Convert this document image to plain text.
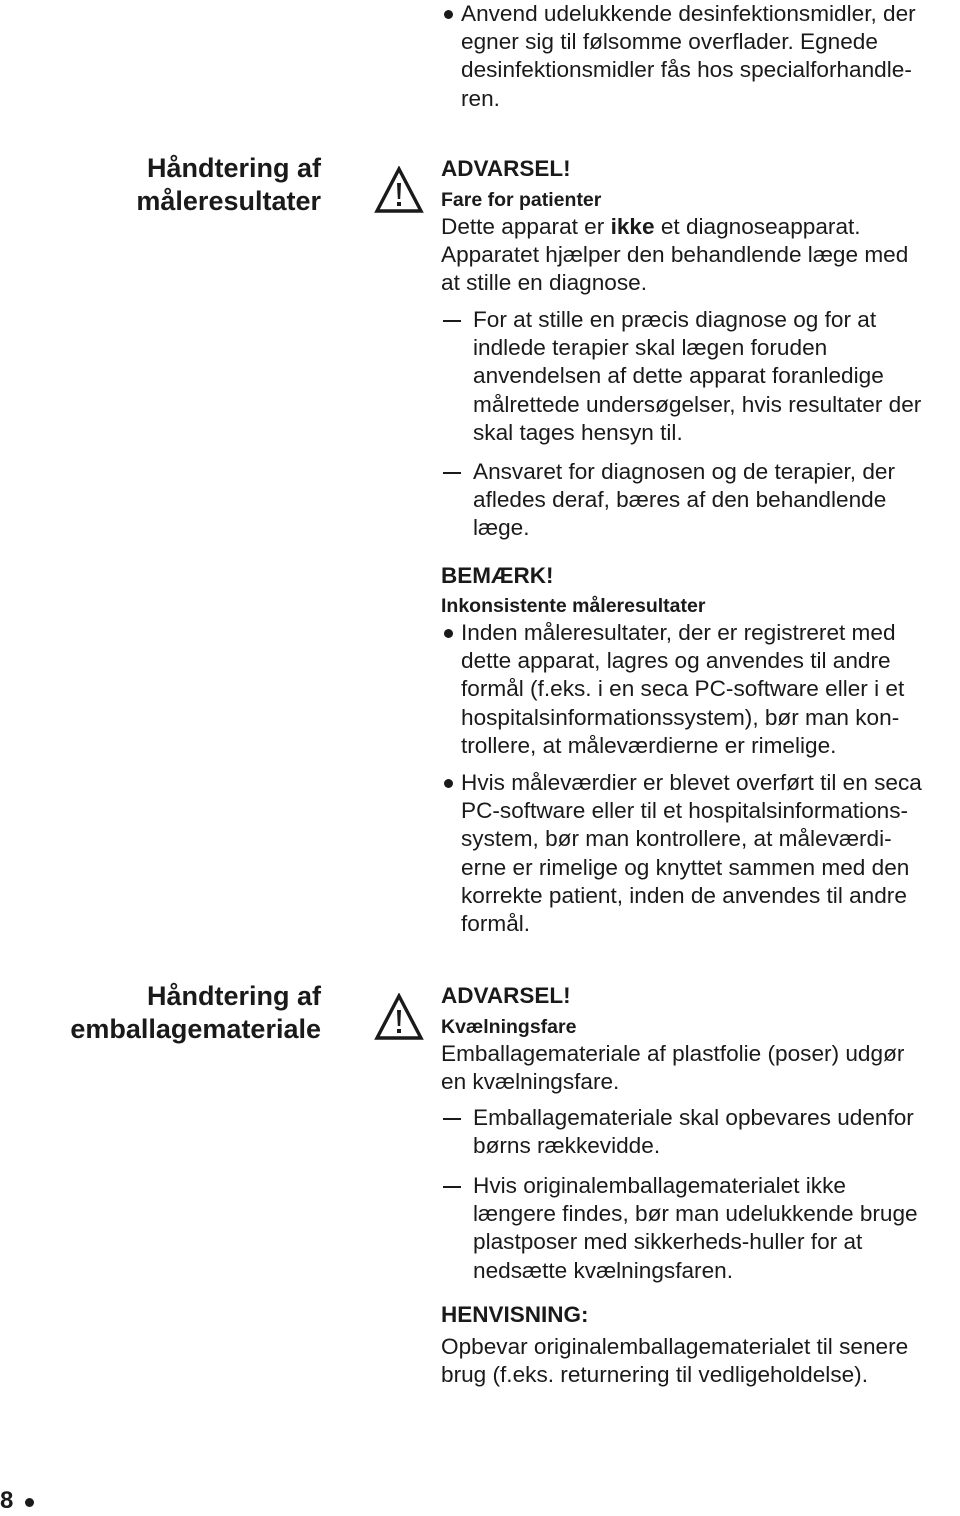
Anvend udelukkende desinfektionsmidler, der
egner sig til følsomme overflader. Egnede
desinfektionsmidler fås hos specialforhandle-
ren.
Håndtering af
måleresultater
ADVARSEL!
Fare for patienter
Dette apparat er ikke et diagnoseapparat.
Apparatet hjælper den behandlende læge med
at stille en diagnose.
For at stille en præcis diagnose og for at
indlede terapier skal lægen foruden
anvendelsen af dette apparat foranledige
målrettede undersøgelser, hvis resultater der
skal tages hensyn til.
Ansvaret for diagnosen og de terapier, der
afledes deraf, bæres af den behandlende
læge.
BEMÆRK!
Inkonsistente måleresultater
Inden måleresultater, der er registreret med
dette apparat, lagres og anvendes til andre
formål (f.eks. i en seca PC-software eller i et
hospitalsinformationssystem), bør man kon-
trollere, at måleværdierne er rimelige.
Hvis måleværdier er blevet overført til en seca
PC-software eller til et hospitalsinformations-
system, bør man kontrollere, at måleværdi-
erne er rimelige og knyttet sammen med den
korrekte patient, inden de anvendes til andre
formål.
Håndtering af
emballagemateriale
ADVARSEL!
Kvælningsfare
Emballagemateriale af plastfolie (poser) udgør
en kvælningsfare.
Emballagemateriale skal opbevares udenfor
børns rækkevidde.
Hvis originalemballagematerialet ikke
længere findes, bør man udelukkende bruge
plastposer med sikkerheds-huller for at
nedsætte kvælningsfaren.
HENVISNING:
Opbevar originalemballagematerialet til senere
brug (f.eks. returnering til vedligeholdelse).
8
